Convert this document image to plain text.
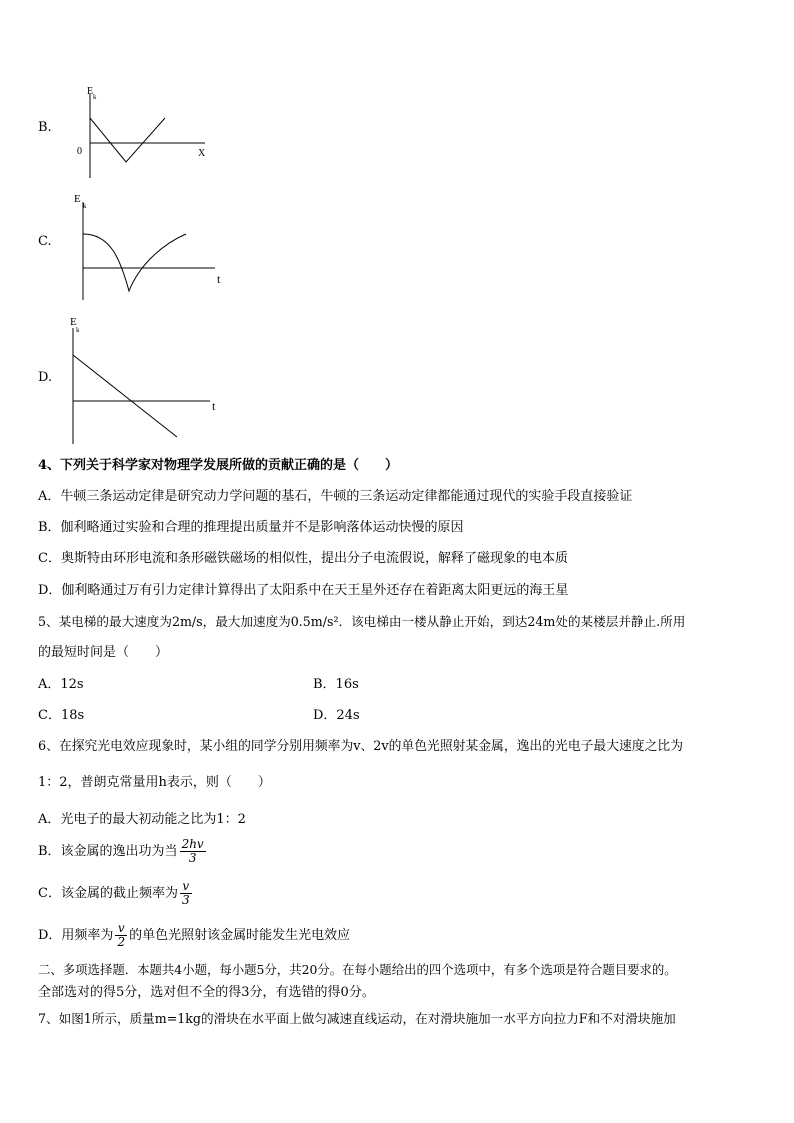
B.
E k
0	X
C.
E
k
t
D.
E
k
t
4、下列关于科学家对物理学发展所做的贡献正确的是（　　）
A．牛顿三条运动定律是研究动力学问题的基石，牛顿的三条运动定律都能通过现代的实验手段直接验证
B．伽利略通过实验和合理的推理提出质量并不是影响落体运动快慢的原因
C．奥斯特由环形电流和条形磁铁磁场的相似性，提出分子电流假说，解释了磁现象的电本质
D．伽利略通过万有引力定律计算得出了太阳系中在天王星外还存在着距离太阳更远的海王星
5、某电梯的最大速度为2m/s，最大加速度为0.5m/s²．该电梯由一楼从静止开始，到达24m处的某楼层并静止.所用
的最短时间是（　　）
A．12s	B．16s
C．18s	D．24s
6、在探究光电效应现象时，某小组的同学分别用频率为v、2v的单色光照射某金属，逸出的光电子最大速度之比为
1：2，普朗克常量用h表示，则（　　）
A．光电子的最大初动能之比为1：2
B．该金属的逸出功为当 $\frac{2hv}{3}$
C．该金属的截止频率为 $\frac{v}{3}$
D．用频率为 $\frac{v}{2}$ 的单色光照射该金属时能发生光电效应
二、多项选择题．本题共4小题，每小题5分，共20分。在每小题给出的四个选项中，有多个选项是符合题目要求的。
全部选对的得5分，选对但不全的得3分，有选错的得0分。
7、如图1所示，质量m=1kg的滑块在水平面上做匀减速直线运动，在对滑块施加一水平方向拉力F和不对滑块施加
